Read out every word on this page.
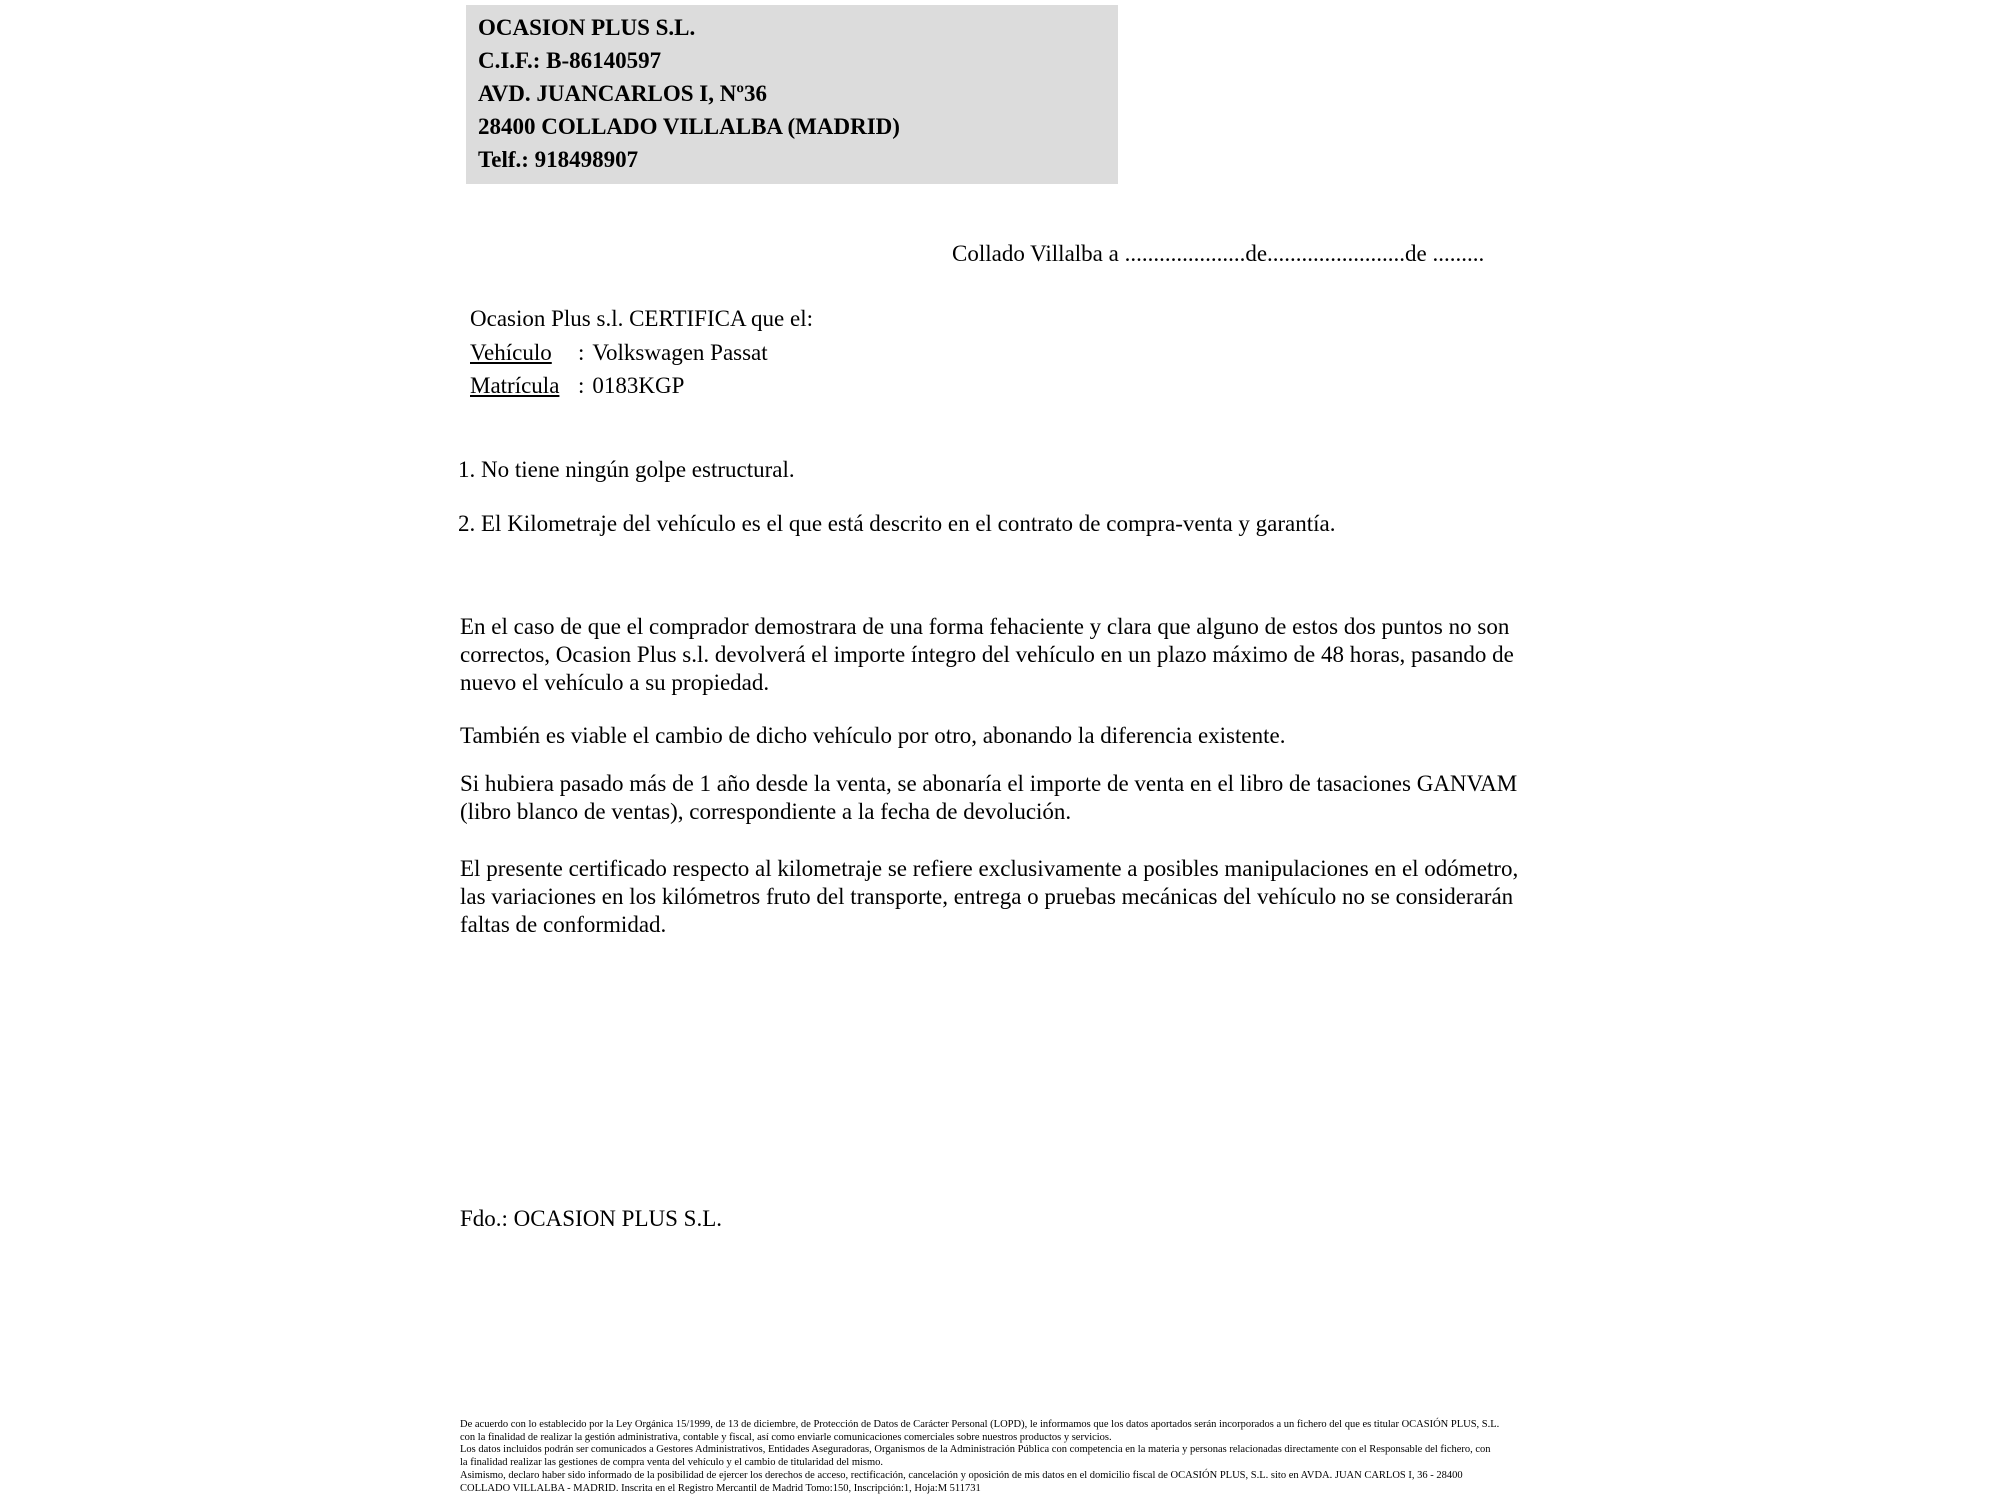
OCASION PLUS S.L.
C.I.F.: B-86140597
AVD. JUANCARLOS I, Nº36
28400 COLLADO VILLALBA (MADRID)
Telf.: 918498907
Collado Villalba a .....................de........................de .........
Ocasion Plus s.l. CERTIFICA que el:
Vehículo : Volkswagen Passat
Matrícula : 0183KGP
1. No tiene ningún golpe estructural.
2. El Kilometraje del vehículo es el que está descrito en el contrato de compra-venta y garantía.

En el caso de que el comprador demostrara de una forma fehaciente y clara que alguno de estos dos puntos no son correctos, Ocasion Plus s.l. devolverá el importe íntegro del vehículo en un plazo máximo de 48 horas, pasando de nuevo el vehículo a su propiedad.

También es viable el cambio de dicho vehículo por otro, abonando la diferencia existente.

Si hubiera pasado más de 1 año desde la venta, se abonaría el importe de venta en el libro de tasaciones GANVAM (libro blanco de ventas), correspondiente a la fecha de devolución.

El presente certificado respecto al kilometraje se refiere exclusivamente a posibles manipulaciones en el odómetro, las variaciones en los kilómetros fruto del transporte, entrega o pruebas mecánicas del vehículo no se considerarán faltas de conformidad.

Fdo.: OCASION PLUS S.L.

De acuerdo con lo establecido por la Ley Orgánica 15/1999, de 13 de diciembre, de Protección de Datos de Carácter Personal (LOPD), le informamos que los datos aportados serán incorporados a un fichero del que es titular OCASIÓN PLUS, S.L. con la finalidad de realizar la gestión administrativa, contable y fiscal, así como enviarle comunicaciones comerciales sobre nuestros productos y servicios.

Los datos incluidos podrán ser comunicados a Gestores Administrativos, Entidades Aseguradoras, Organismos de la Administración Pública con competencia en la materia y personas relacionadas directamente con el Responsable del fichero, con la finalidad realizar las gestiones de compra venta del vehículo y el cambio de titularidad del mismo.

Asimismo, declaro haber sido informado de la posibilidad de ejercer los derechos de acceso, rectificación, cancelación y oposición de mis datos en el domicilio fiscal de OCASIÓN PLUS, S.L. sito en AVDA. JUAN CARLOS I, 36 - 28400 COLLADO VILLALBA - MADRID. Inscrita en el Registro Mercantil de Madrid Tomo:150, Inscripción:1, Hoja:M 511731
